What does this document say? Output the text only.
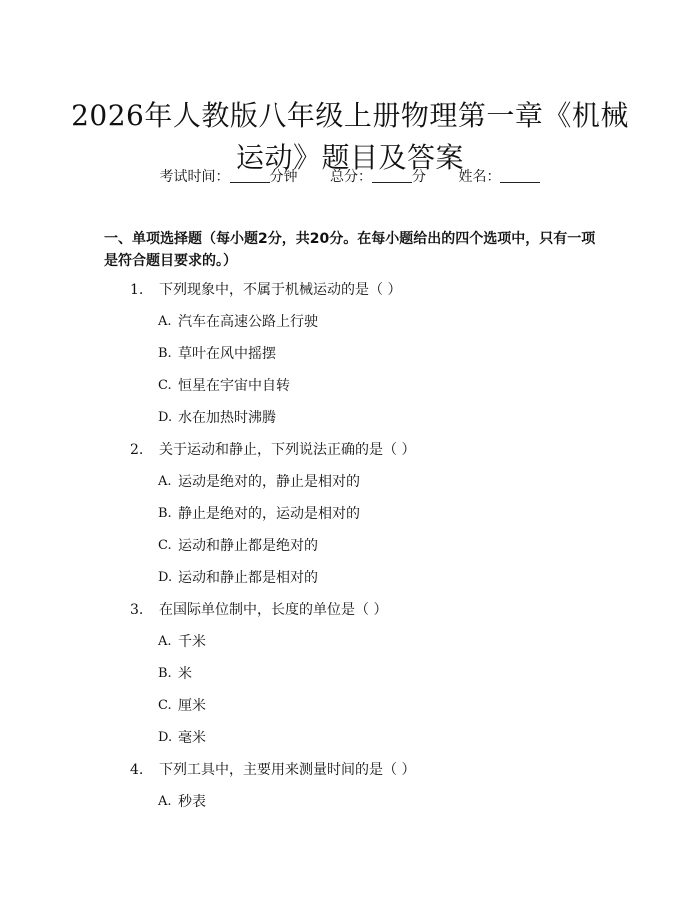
2026年人教版八年级上册物理第一章《机械运动》题目及答案
考试时间：	分钟 总分：	分 姓名：
一、单项选择题（每小题2分，共20分。在每小题给出的四个选项中，只有一项是符合题目要求的。）
1.	下列现象中，不属于机械运动的是（ ）
A. 汽车在高速公路上行驶
B. 草叶在风中摇摆
C. 恒星在宇宙中自转
D. 水在加热时沸腾
2.	关于运动和静止，下列说法正确的是（ ）
A. 运动是绝对的，静止是相对的
B. 静止是绝对的，运动是相对的
C. 运动和静止都是绝对的
D. 运动和静止都是相对的
3.	在国际单位制中，长度的单位是（ ）
A. 千米
B. 米
C. 厘米
D. 毫米
4.	下列工具中，主要用来测量时间的是（ ）
A. 秒表
